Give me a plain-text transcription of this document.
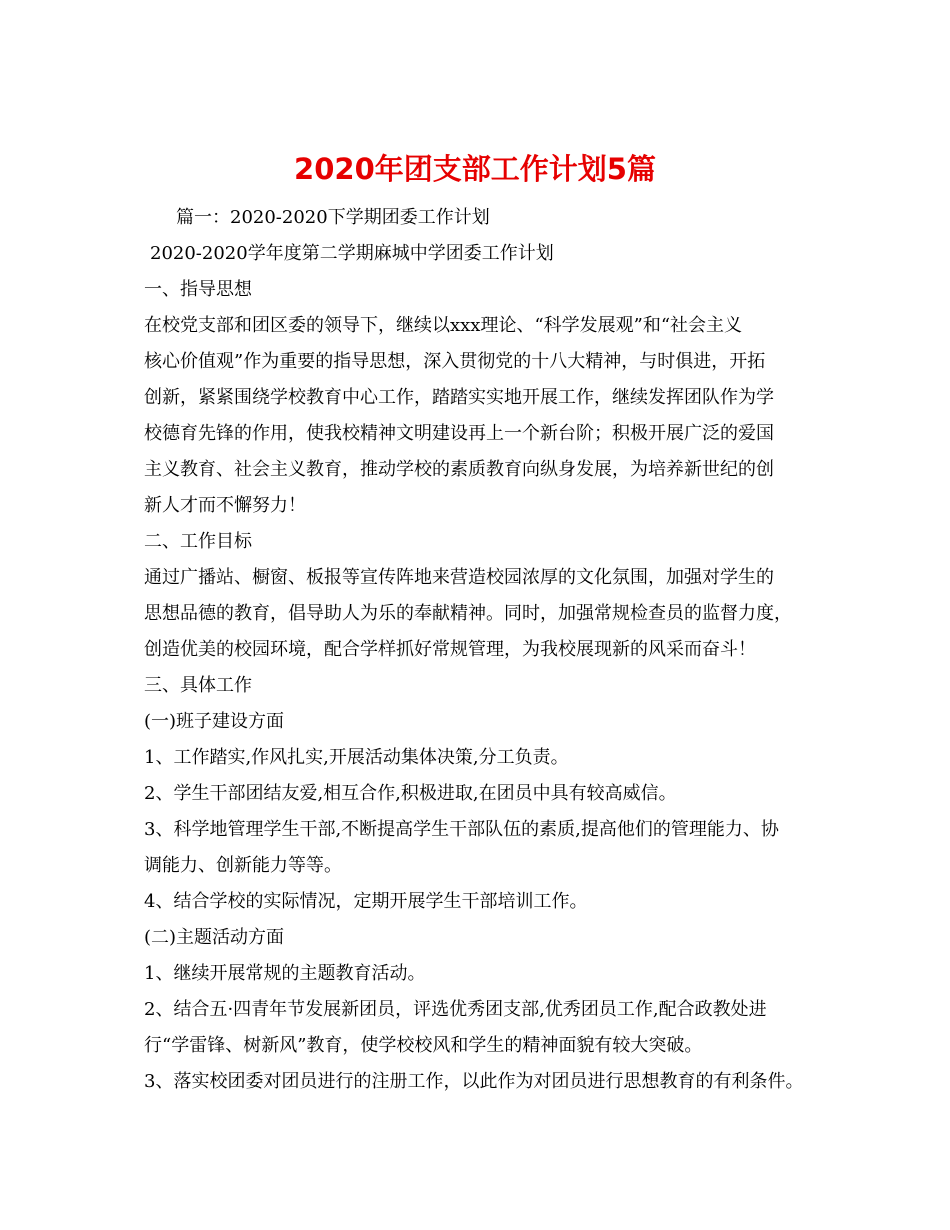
2020年团支部工作计划5篇

篇一：2020-2020下学期团委工作计划

2020-2020学年度第二学期麻城中学团委工作计划

一、指导思想

在校党支部和团区委的领导下，继续以xxx理论、“科学发展观”和“社会主义

核心价值观”作为重要的指导思想，深入贯彻党的十八大精神，与时俱进，开拓

创新，紧紧围绕学校教育中心工作，踏踏实实地开展工作，继续发挥团队作为学

校德育先锋的作用，使我校精神文明建设再上一个新台阶；积极开展广泛的爱国

主义教育、社会主义教育，推动学校的素质教育向纵身发展，为培养新世纪的创

新人才而不懈努力！

二、工作目标

通过广播站、橱窗、板报等宣传阵地来营造校园浓厚的文化氛围，加强对学生的

思想品德的教育，倡导助人为乐的奉献精神。同时，加强常规检查员的监督力度，

创造优美的校园环境，配合学样抓好常规管理，为我校展现新的风采而奋斗！

三、具体工作

(一)班子建设方面

1、工作踏实,作风扎实,开展活动集体决策,分工负责。

2、学生干部团结友爱,相互合作,积极进取,在团员中具有较高威信。

3、科学地管理学生干部,不断提高学生干部队伍的素质,提高他们的管理能力、协

调能力、创新能力等等。

4、结合学校的实际情况，定期开展学生干部培训工作。

(二)主题活动方面

1、继续开展常规的主题教育活动。

2、结合五·四青年节发展新团员，评选优秀团支部,优秀团员工作,配合政教处进

行“学雷锋、树新风”教育，使学校校风和学生的精神面貌有较大突破。

3、落实校团委对团员进行的注册工作，以此作为对团员进行思想教育的有利条件。
